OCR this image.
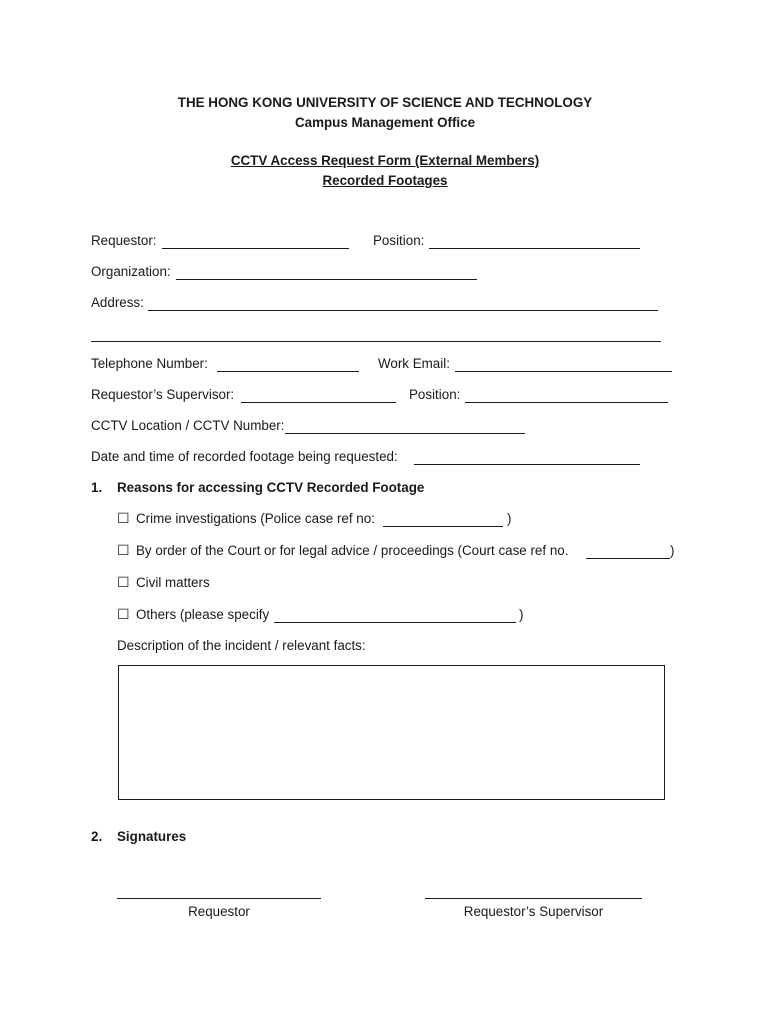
THE HONG KONG UNIVERSITY OF SCIENCE AND TECHNOLOGY
Campus Management Office
CCTV Access Request Form (External Members)
Recorded Footages
Requestor:	Position:
Organization:
Address:
Telephone Number:	Work Email:
Requestor’s Supervisor:	Position:
CCTV Location / CCTV Number:
Date and time of recorded footage being requested:
1. Reasons for accessing CCTV Recorded Footage
☐ Crime investigations (Police case ref no:	)
☐ By order of the Court or for legal advice / proceedings (Court case ref no.	)
☐ Civil matters
☐ Others (please specify	)
Description of the incident / relevant facts:
2. Signatures
Requestor	Requestor’s Supervisor
